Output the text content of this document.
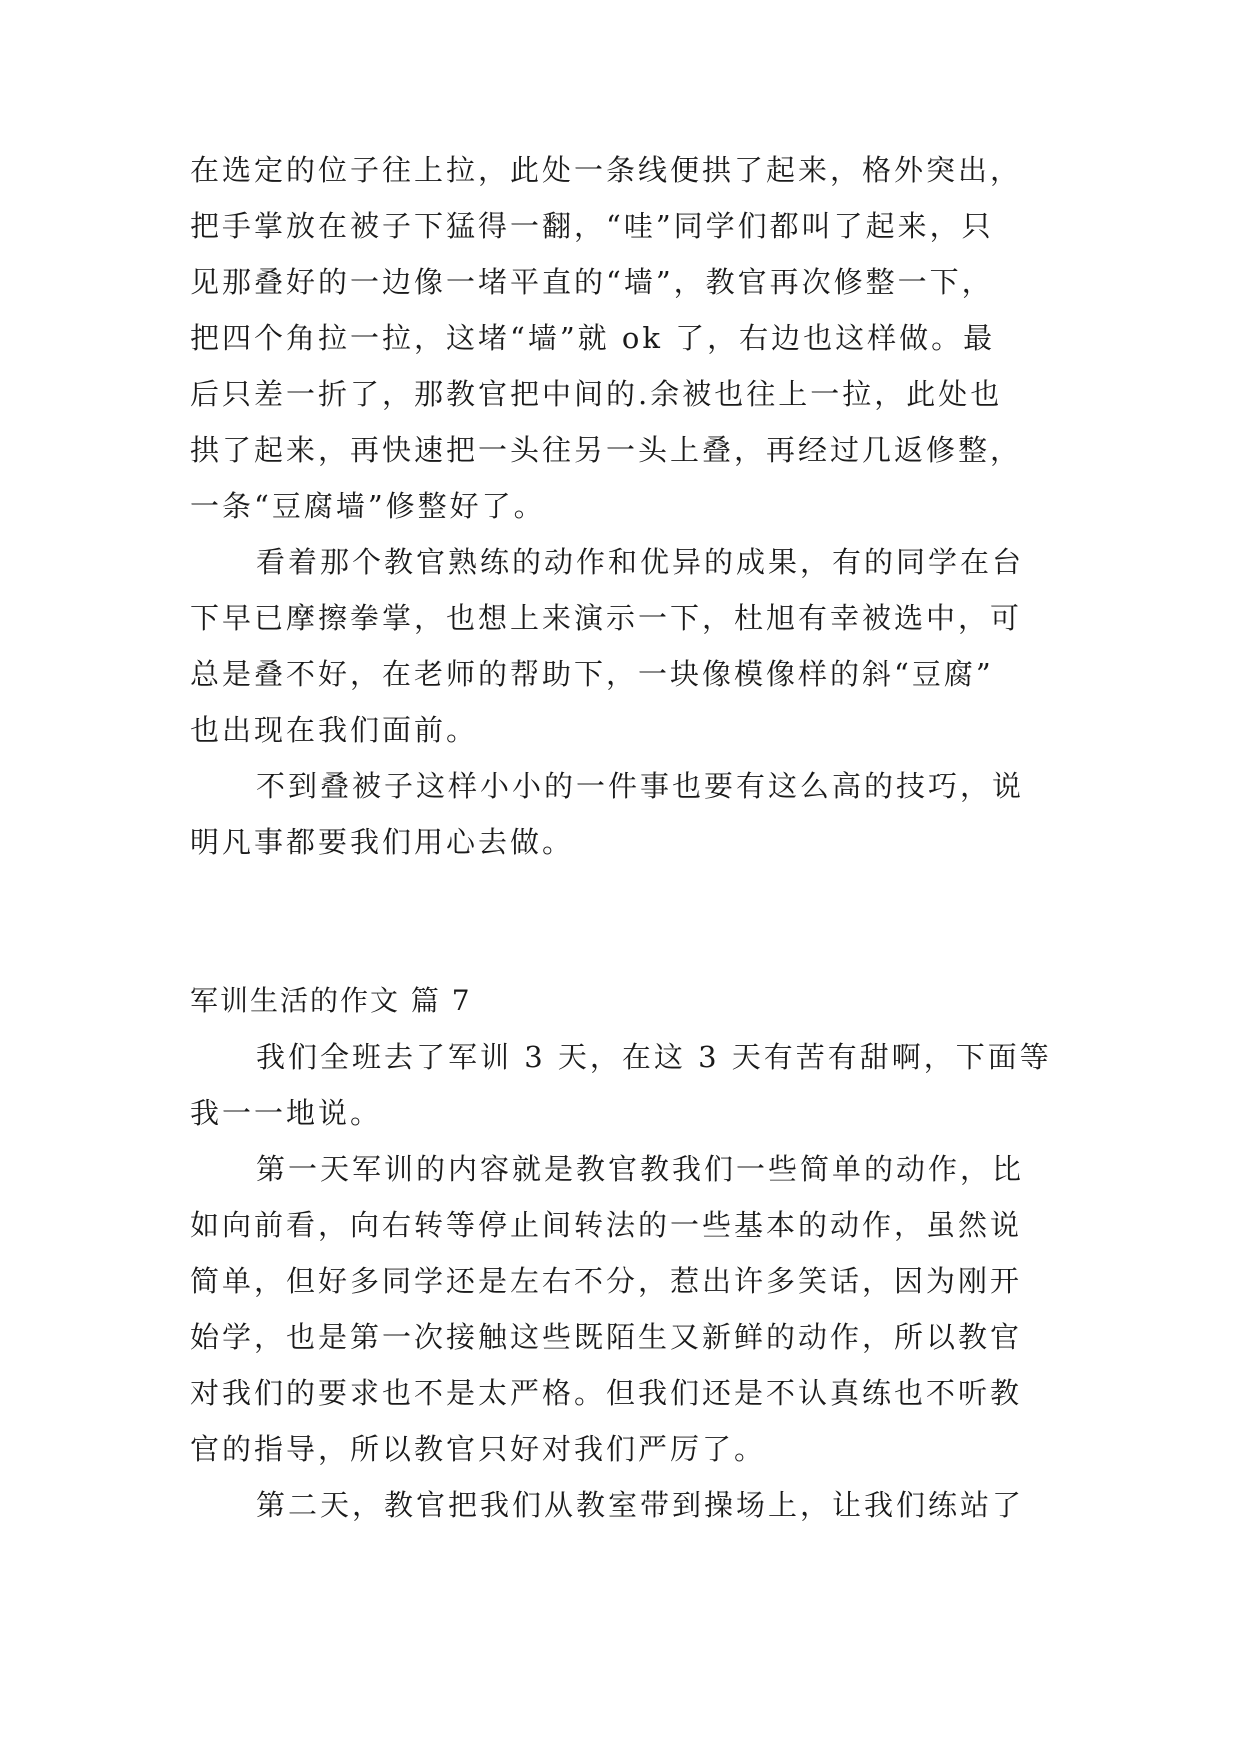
在选定的位子往上拉，此处一条线便拱了起来，格外突出，
把手掌放在被子下猛得一翻，“哇”同学们都叫了起来，只
见那叠好的一边像一堵平直的“墙”，教官再次修整一下，
把四个角拉一拉，这堵“墙”就 ok 了，右边也这样做。最
后只差一折了，那教官把中间的.余被也往上一拉，此处也
拱了起来，再快速把一头往另一头上叠，再经过几返修整，
一条“豆腐墙”修整好了。
看着那个教官熟练的动作和优异的成果，有的同学在台
下早已摩擦拳掌，也想上来演示一下，杜旭有幸被选中，可
总是叠不好，在老师的帮助下，一块像模像样的斜“豆腐”
也出现在我们面前。
不到叠被子这样小小的一件事也要有这么高的技巧，说
明凡事都要我们用心去做。
军训生活的作文 篇 7
我们全班去了军训 3 天，在这 3 天有苦有甜啊，下面等
我一一地说。
第一天军训的内容就是教官教我们一些简单的动作，比
如向前看，向右转等停止间转法的一些基本的动作，虽然说
简单，但好多同学还是左右不分，惹出许多笑话，因为刚开
始学，也是第一次接触这些既陌生又新鲜的动作，所以教官
对我们的要求也不是太严格。但我们还是不认真练也不听教
官的指导，所以教官只好对我们严厉了。
第二天，教官把我们从教室带到操场上，让我们练站了
